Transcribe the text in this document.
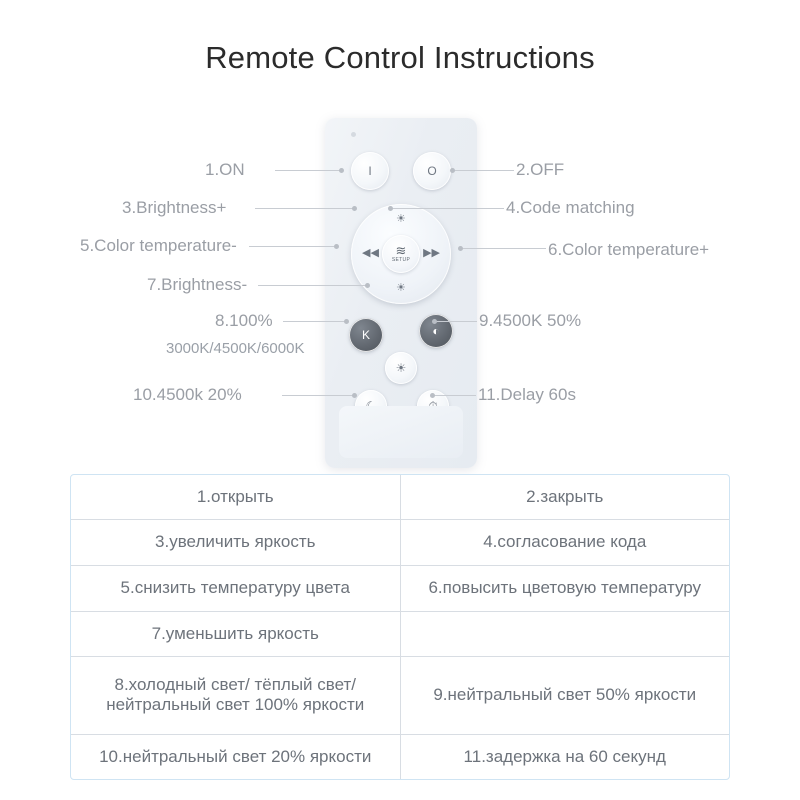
Remote Control Instructions
I	O
☀
☀
◀◀	▶▶
≋
SETUP
K	◐
☀
3000K/4500K/6000K
1.ON	2.OFF
3.Brightness+	4.Code matching
5.Color temperature-	6.Color temperature+
7.Brightness-
8.100%	9.4500K 50%
10.4500k 20%	11.Delay 60s
1.открыть	2.закрыть
3.увеличить яркость	4.согласование кода
5.снизить температуру цвета	6.повысить цветовую температуру
7.уменьшить яркость	
8.холодный свет/ тёплый свет/ нейтральный свет 100% яркости	9.нейтральный свет 50% яркости
10.нейтральный свет 20% яркости	11.задержка на 60 секунд
